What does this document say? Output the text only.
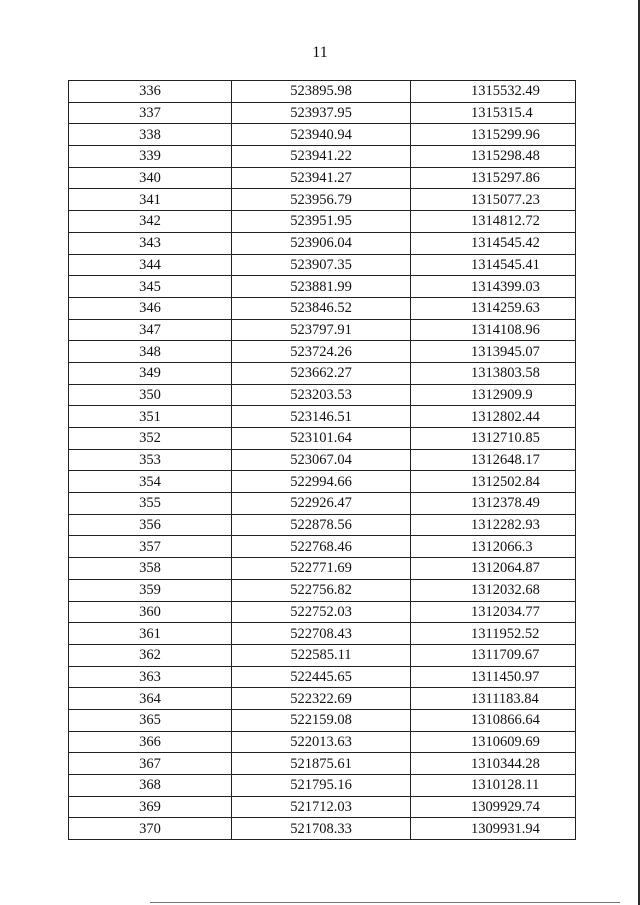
11
336	523895.98	1315532.49
337	523937.95	1315315.4
338	523940.94	1315299.96
339	523941.22	1315298.48
340	523941.27	1315297.86
341	523956.79	1315077.23
342	523951.95	1314812.72
343	523906.04	1314545.42
344	523907.35	1314545.41
345	523881.99	1314399.03
346	523846.52	1314259.63
347	523797.91	1314108.96
348	523724.26	1313945.07
349	523662.27	1313803.58
350	523203.53	1312909.9
351	523146.51	1312802.44
352	523101.64	1312710.85
353	523067.04	1312648.17
354	522994.66	1312502.84
355	522926.47	1312378.49
356	522878.56	1312282.93
357	522768.46	1312066.3
358	522771.69	1312064.87
359	522756.82	1312032.68
360	522752.03	1312034.77
361	522708.43	1311952.52
362	522585.11	1311709.67
363	522445.65	1311450.97
364	522322.69	1311183.84
365	522159.08	1310866.64
366	522013.63	1310609.69
367	521875.61	1310344.28
368	521795.16	1310128.11
369	521712.03	1309929.74
370	521708.33	1309931.94
